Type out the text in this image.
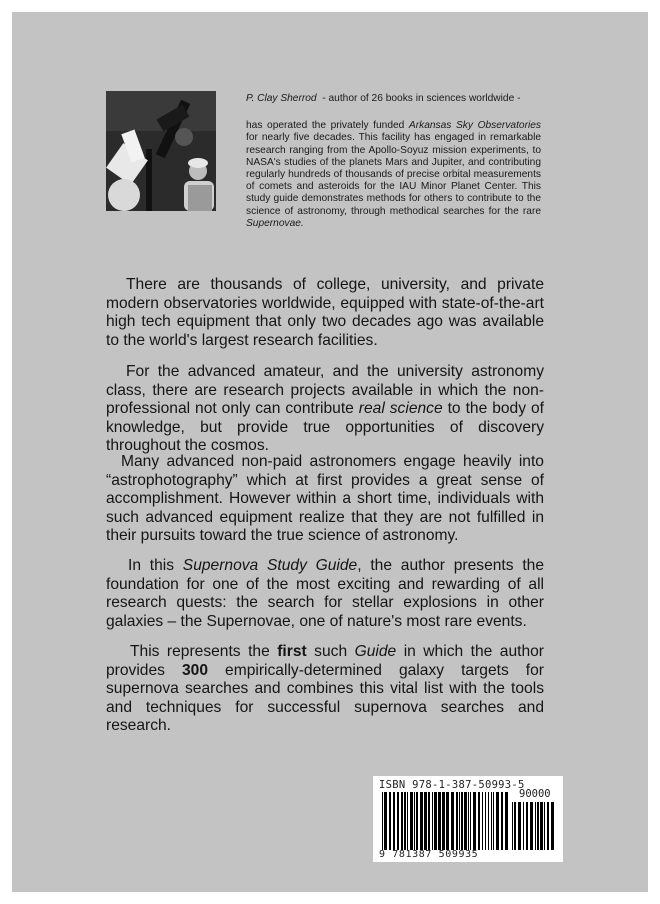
P. Clay Sherrod - author of 26 books in sciences worldwide -

has operated the privately funded Arkansas Sky Observatories for nearly five decades. This facility has engaged in remarkable research ranging from the Apollo-Soyuz mission experiments, to NASA's studies of the planets Mars and Jupiter, and contributing regularly hundreds of thousands of precise orbital measurements of comets and asteroids for the IAU Minor Planet Center. This study guide demonstrates methods for others to contribute to the science of astronomy, through methodical searches for the rare Supernovae.

There are thousands of college, university, and private modern observatories worldwide, equipped with state-of-the-art high tech equipment that only two decades ago was available to the world's largest research facilities.

For the advanced amateur, and the university astronomy class, there are research projects available in which the non-professional not only can contribute real science to the body of knowledge, but provide true opportunities of discovery throughout the cosmos.

Many advanced non-paid astronomers engage heavily into “astrophotography” which at first provides a great sense of accomplishment. However within a short time, individuals with such advanced equipment realize that they are not fulfilled in their pursuits toward the true science of astronomy.

In this Supernova Study Guide, the author presents the foundation for one of the most exciting and rewarding of all research quests: the search for stellar explosions in other galaxies – the Supernovae, one of nature's most rare events.

This represents the first such Guide in which the author provides 300 empirically-determined galaxy targets for supernova searches and combines this vital list with the tools and techniques for successful supernova searches and research.

ISBN 978-1-387-50993-5
90000
9 781387 509935
